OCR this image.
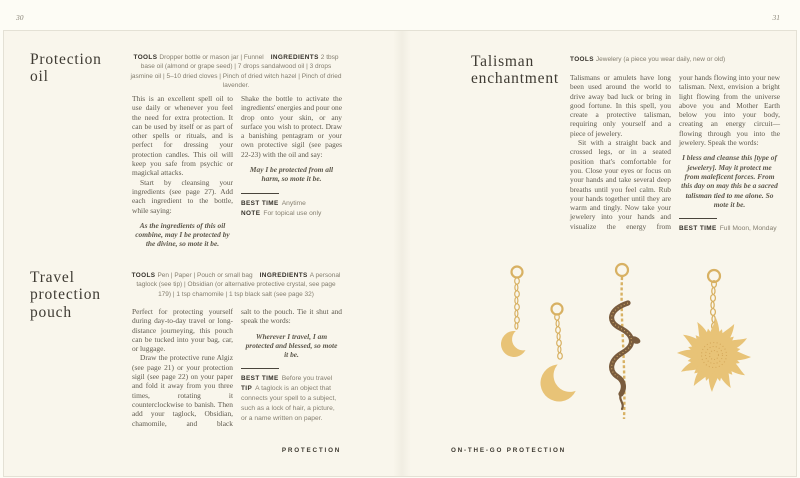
30	31
Protection oil
TOOLS Dropper bottle or mason jar | Funnel INGREDIENTS 2 tbsp base oil (almond or grape seed) | 7 drops sandalwood oil | 3 drops jasmine oil | 5–10 dried cloves | Pinch of dried witch hazel | Pinch of dried lavender.

This is an excellent spell oil to use daily or whenever you feel the need for extra protection. It can be used by itself or as part of other spells or rituals, and is perfect for dressing your protection candles. This oil will keep you safe from psychic or magickal attacks.

Start by cleansing your ingredients (see page 27). Add each ingredient to the bottle, while saying:

As the ingredients of this oil combine, may I be protected by the divine, so mote it be.

Shake the bottle to activate the ingredients' energies and pour one drop onto your skin, or any surface you wish to protect. Draw a banishing pentagram or your own protective sigil (see pages 22-23) with the oil and say:

May I be protected from all harm, so mote it be.

BEST TIME Anytime
NOTE For topical use only
Travel protection pouch
TOOLS Pen | Paper | Pouch or small bag INGREDIENTS A personal taglock (see tip) | Obsidian (or alternative protective crystal, see page 179) | 1 tsp chamomile | 1 tsp black salt (see page 32)

Perfect for protecting yourself during day-to-day travel or long-distance journeying, this pouch can be tucked into your bag, car, or luggage.

Draw the protective rune Algiz (see page 21) or your protection sigil (see page 22) on your paper and fold it away from you three times, rotating it counterclockwise to banish. Then add your taglock, Obsidian, chamomile, and black

salt to the pouch. Tie it shut and speak the words:

Wherever I travel, I am protected and blessed, so mote it be.

BEST TIME Before you travel
TIP A taglock is an object that connects your spell to a subject, such as a lock of hair, a picture, or a name written on paper.
PROTECTION
Talisman enchantment
TOOLS Jewelery (a piece you wear daily, new or old)

Talismans or amulets have long been used around the world to drive away bad luck or bring in good fortune. In this spell, you create a protective talisman, requiring only yourself and a piece of jewelery.

Sit with a straight back and crossed legs, or in a seated position that's comfortable for you. Close your eyes or focus on your hands and take several deep breaths until you feel calm. Rub your hands together until they are warm and tingly. Now take your jewelery into your hands and visualize the energy from

your hands flowing into your new talisman. Next, envision a bright light flowing from the universe above you and Mother Earth below you into your body, creating an energy circuit—flowing through you into the jewelery. Speak the words:

I bless and cleanse this [type of jewelery]. May it protect me from maleficent forces. From this day on may this be a sacred talisman tied to me alone. So mote it be.

BEST TIME Full Moon, Monday
ON-THE-GO PROTECTION
